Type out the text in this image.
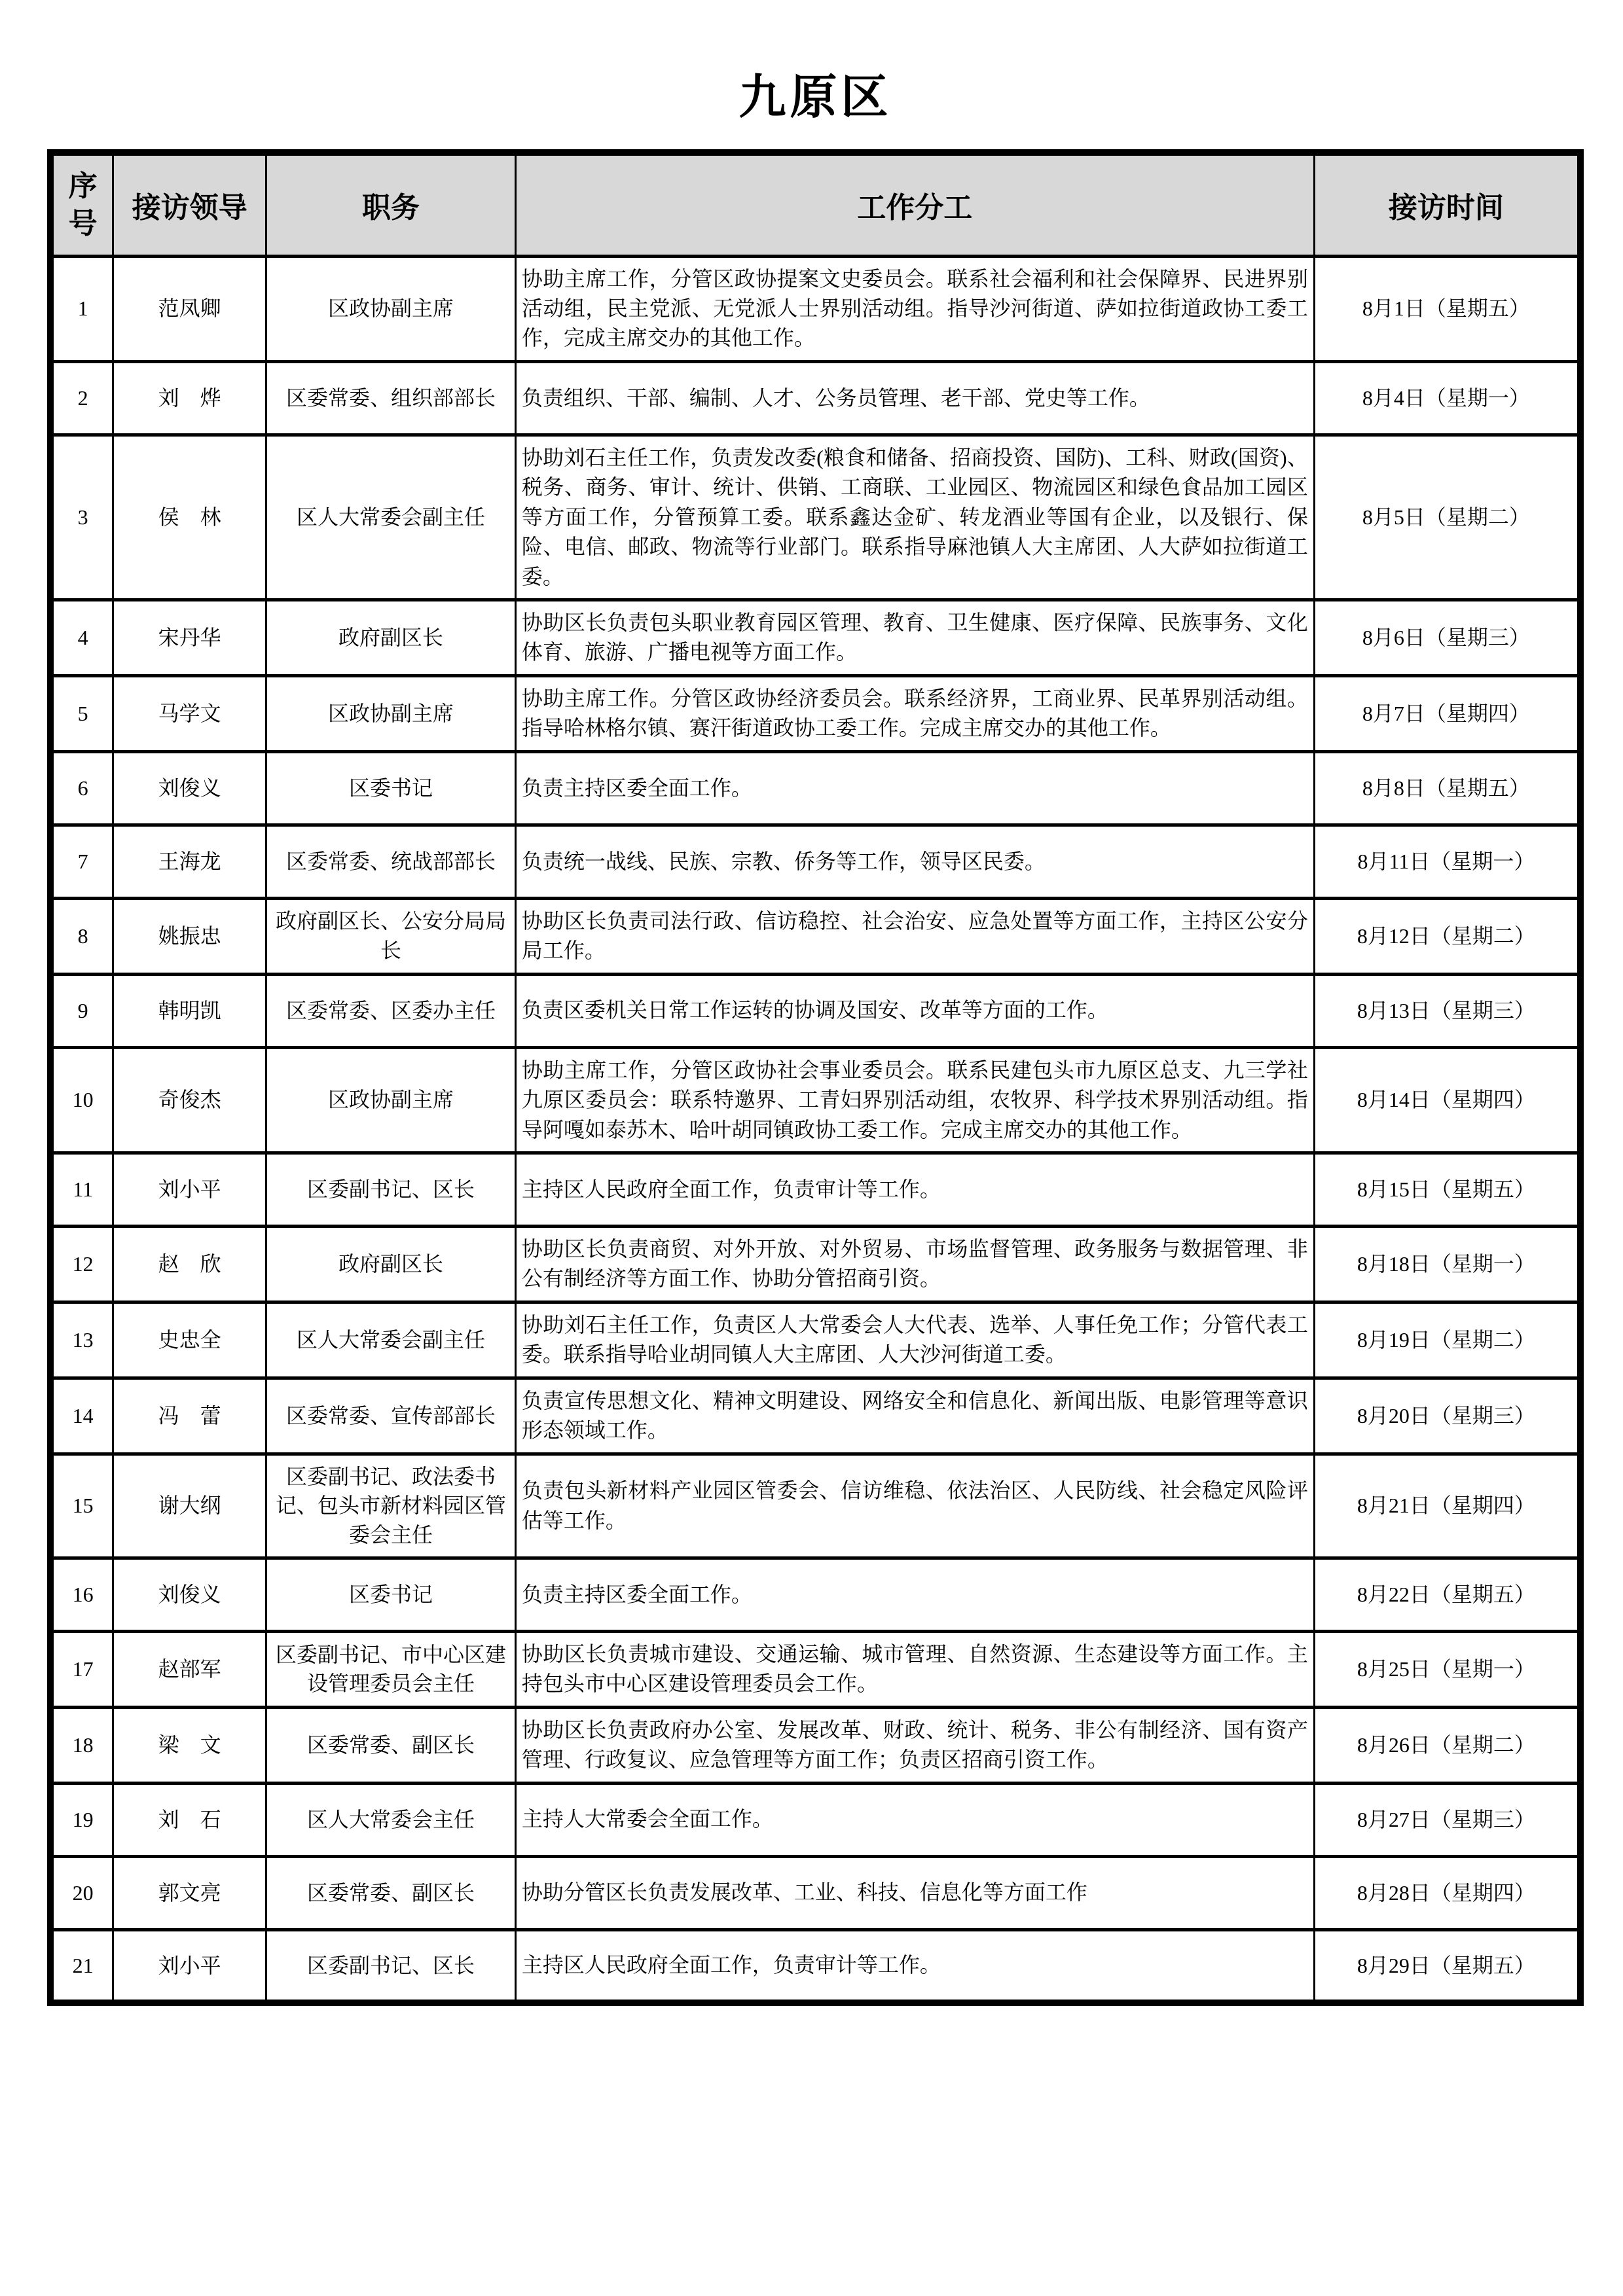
九原区
序号	接访领导	职务	工作分工	接访时间
1	范凤卿	区政协副主席	协助主席工作，分管区政协提案文史委员会。联系社会福利和社会保障界、民进界别活动组，民主党派、无党派人士界别活动组。指导沙河街道、萨如拉街道政协工委工作，完成主席交办的其他工作。	8月1日（星期五）
2	刘　烨	区委常委、组织部部长	负责组织、干部、编制、人才、公务员管理、老干部、党史等工作。	8月4日（星期一）
3	侯　林	区人大常委会副主任	协助刘石主任工作，负责发改委(粮食和储备、招商投资、国防)、工科、财政(国资)、税务、商务、审计、统计、供销、工商联、工业园区、物流园区和绿色食品加工园区等方面工作，分管预算工委。联系鑫达金矿、转龙酒业等国有企业，以及银行、保险、电信、邮政、物流等行业部门。联系指导麻池镇人大主席团、人大萨如拉街道工委。	8月5日（星期二）
4	宋丹华	政府副区长	协助区长负责包头职业教育园区管理、教育、卫生健康、医疗保障、民族事务、文化体育、旅游、广播电视等方面工作。	8月6日（星期三）
5	马学文	区政协副主席	协助主席工作。分管区政协经济委员会。联系经济界，工商业界、民革界别活动组。指导哈林格尔镇、赛汗街道政协工委工作。完成主席交办的其他工作。	8月7日（星期四）
6	刘俊义	区委书记	负责主持区委全面工作。	8月8日（星期五）
7	王海龙	区委常委、统战部部长	负责统一战线、民族、宗教、侨务等工作，领导区民委。	8月11日（星期一）
8	姚振忠	政府副区长、公安分局局长	协助区长负责司法行政、信访稳控、社会治安、应急处置等方面工作，主持区公安分局工作。	8月12日（星期二）
9	韩明凯	区委常委、区委办主任	负责区委机关日常工作运转的协调及国安、改革等方面的工作。	8月13日（星期三）
10	奇俊杰	区政协副主席	协助主席工作，分管区政协社会事业委员会。联系民建包头市九原区总支、九三学社九原区委员会：联系特邀界、工青妇界别活动组，农牧界、科学技术界别活动组。指导阿嘎如泰苏木、哈叶胡同镇政协工委工作。完成主席交办的其他工作。	8月14日（星期四）
11	刘小平	区委副书记、区长	主持区人民政府全面工作，负责审计等工作。	8月15日（星期五）
12	赵　欣	政府副区长	协助区长负责商贸、对外开放、对外贸易、市场监督管理、政务服务与数据管理、非公有制经济等方面工作、协助分管招商引资。	8月18日（星期一）
13	史忠全	区人大常委会副主任	协助刘石主任工作，负责区人大常委会人大代表、选举、人事任免工作；分管代表工委。联系指导哈业胡同镇人大主席团、人大沙河街道工委。	8月19日（星期二）
14	冯　蕾	区委常委、宣传部部长	负责宣传思想文化、精神文明建设、网络安全和信息化、新闻出版、电影管理等意识形态领域工作。	8月20日（星期三）
15	谢大纲	区委副书记、政法委书记、包头市新材料园区管委会主任	负责包头新材料产业园区管委会、信访维稳、依法治区、人民防线、社会稳定风险评估等工作。	8月21日（星期四）
16	刘俊义	区委书记	负责主持区委全面工作。	8月22日（星期五）
17	赵部军	区委副书记、市中心区建设管理委员会主任	协助区长负责城市建设、交通运输、城市管理、自然资源、生态建设等方面工作。主持包头市中心区建设管理委员会工作。	8月25日（星期一）
18	梁　文	区委常委、副区长	协助区长负责政府办公室、发展改革、财政、统计、税务、非公有制经济、国有资产管理、行政复议、应急管理等方面工作；负责区招商引资工作。	8月26日（星期二）
19	刘　石	区人大常委会主任	主持人大常委会全面工作。	8月27日（星期三）
20	郭文亮	区委常委、副区长	协助分管区长负责发展改革、工业、科技、信息化等方面工作	8月28日（星期四）
21	刘小平	区委副书记、区长	主持区人民政府全面工作，负责审计等工作。	8月29日（星期五）
